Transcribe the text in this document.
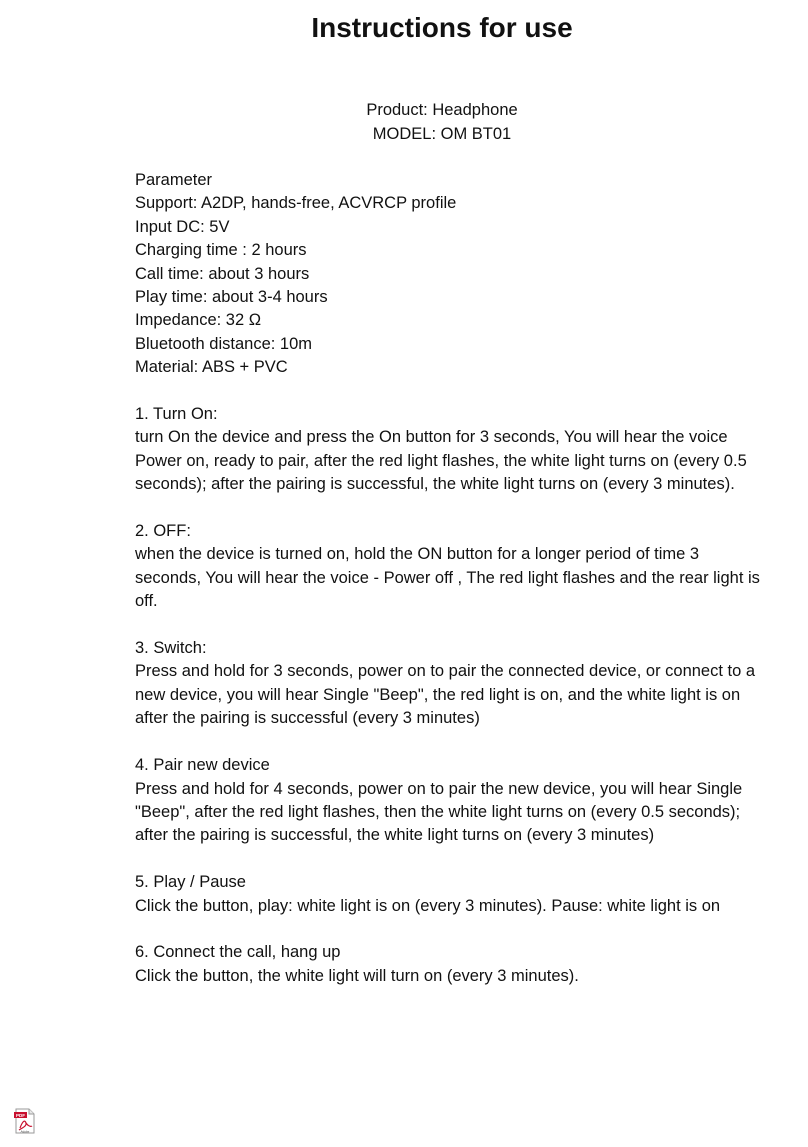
Instructions for use
Product: Headphone
MODEL: OM BT01

Parameter

Support: A2DP, hands-free, ACVRCP profile

Input DC: 5V

Charging time : 2 hours

Call time: about 3 hours

Play time: about 3-4 hours

Impedance: 32 Ω

Bluetooth distance: 10m

Material: ABS + PVC

1. Turn On:

turn On the device and press the On button for 3 seconds, You will hear the voice Power on, ready to pair, after the red light flashes, the white light turns on (every 0.5 seconds); after the pairing is successful, the white light turns on (every 3 minutes).

2. OFF:

when the device is turned on, hold the ON button for a longer period of time 3 seconds, You will hear the voice - Power off , The red light flashes and the rear light is off.

3. Switch:

Press and hold for 3 seconds, power on to pair the connected device, or connect to a new device, you will hear Single "Beep", the red light is on, and the white light is on after the pairing is successful (every 3 minutes)

4. Pair new device

Press and hold for 4 seconds, power on to pair the new device, you will hear Single "Beep", after the red light flashes, then the white light turns on (every 0.5 seconds); after the pairing is successful, the white light turns on (every 3 minutes)

5. Play / Pause

Click the button, play: white light is on (every 3 minutes). Pause: white light is on

6. Connect the call, hang up

Click the button, the white light will turn on (every 3 minutes).

PDF
Adobe
